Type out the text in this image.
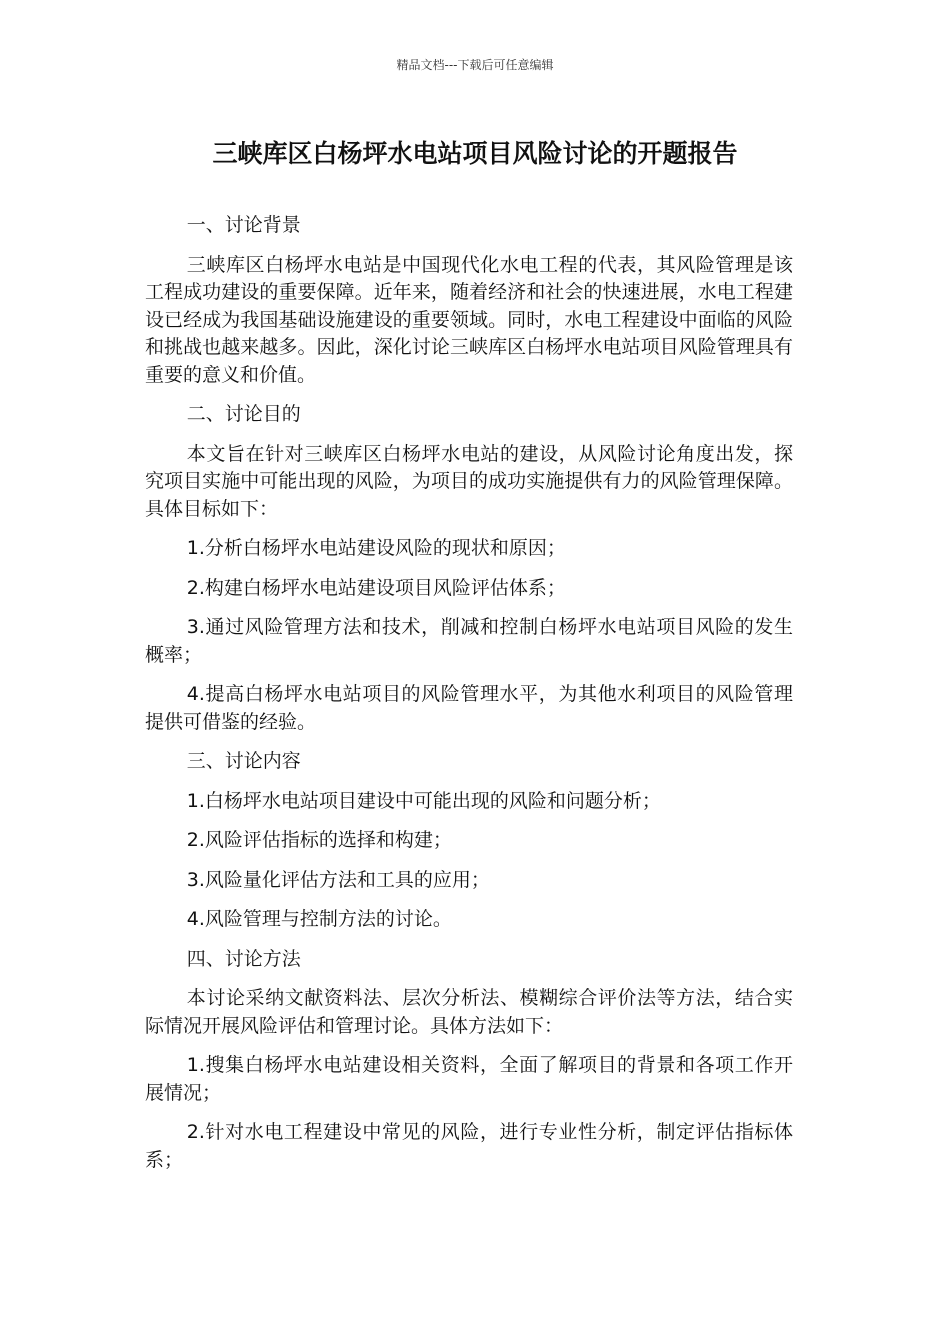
精品文档---下载后可任意编辑
三峡库区白杨坪水电站项目风险讨论的开题报告

一、讨论背景

三峡库区白杨坪水电站是中国现代化水电工程的代表，其风险管理是该工程成功建设的重要保障。近年来，随着经济和社会的快速进展，水电工程建设已经成为我国基础设施建设的重要领域。同时，水电工程建设中面临的风险和挑战也越来越多。因此，深化讨论三峡库区白杨坪水电站项目风险管理具有重要的意义和价值。

二、讨论目的

本文旨在针对三峡库区白杨坪水电站的建设，从风险讨论角度出发，探究项目实施中可能出现的风险，为项目的成功实施提供有力的风险管理保障。具体目标如下：

1.分析白杨坪水电站建设风险的现状和原因；

2.构建白杨坪水电站建设项目风险评估体系；

3.通过风险管理方法和技术，削减和控制白杨坪水电站项目风险的发生概率；

4.提高白杨坪水电站项目的风险管理水平，为其他水利项目的风险管理提供可借鉴的经验。

三、讨论内容

1.白杨坪水电站项目建设中可能出现的风险和问题分析；

2.风险评估指标的选择和构建；

3.风险量化评估方法和工具的应用；

4.风险管理与控制方法的讨论。

四、讨论方法

本讨论采纳文献资料法、层次分析法、模糊综合评价法等方法，结合实际情况开展风险评估和管理讨论。具体方法如下：

1.搜集白杨坪水电站建设相关资料，全面了解项目的背景和各项工作开展情况；

2.针对水电工程建设中常见的风险，进行专业性分析，制定评估指标体系；
